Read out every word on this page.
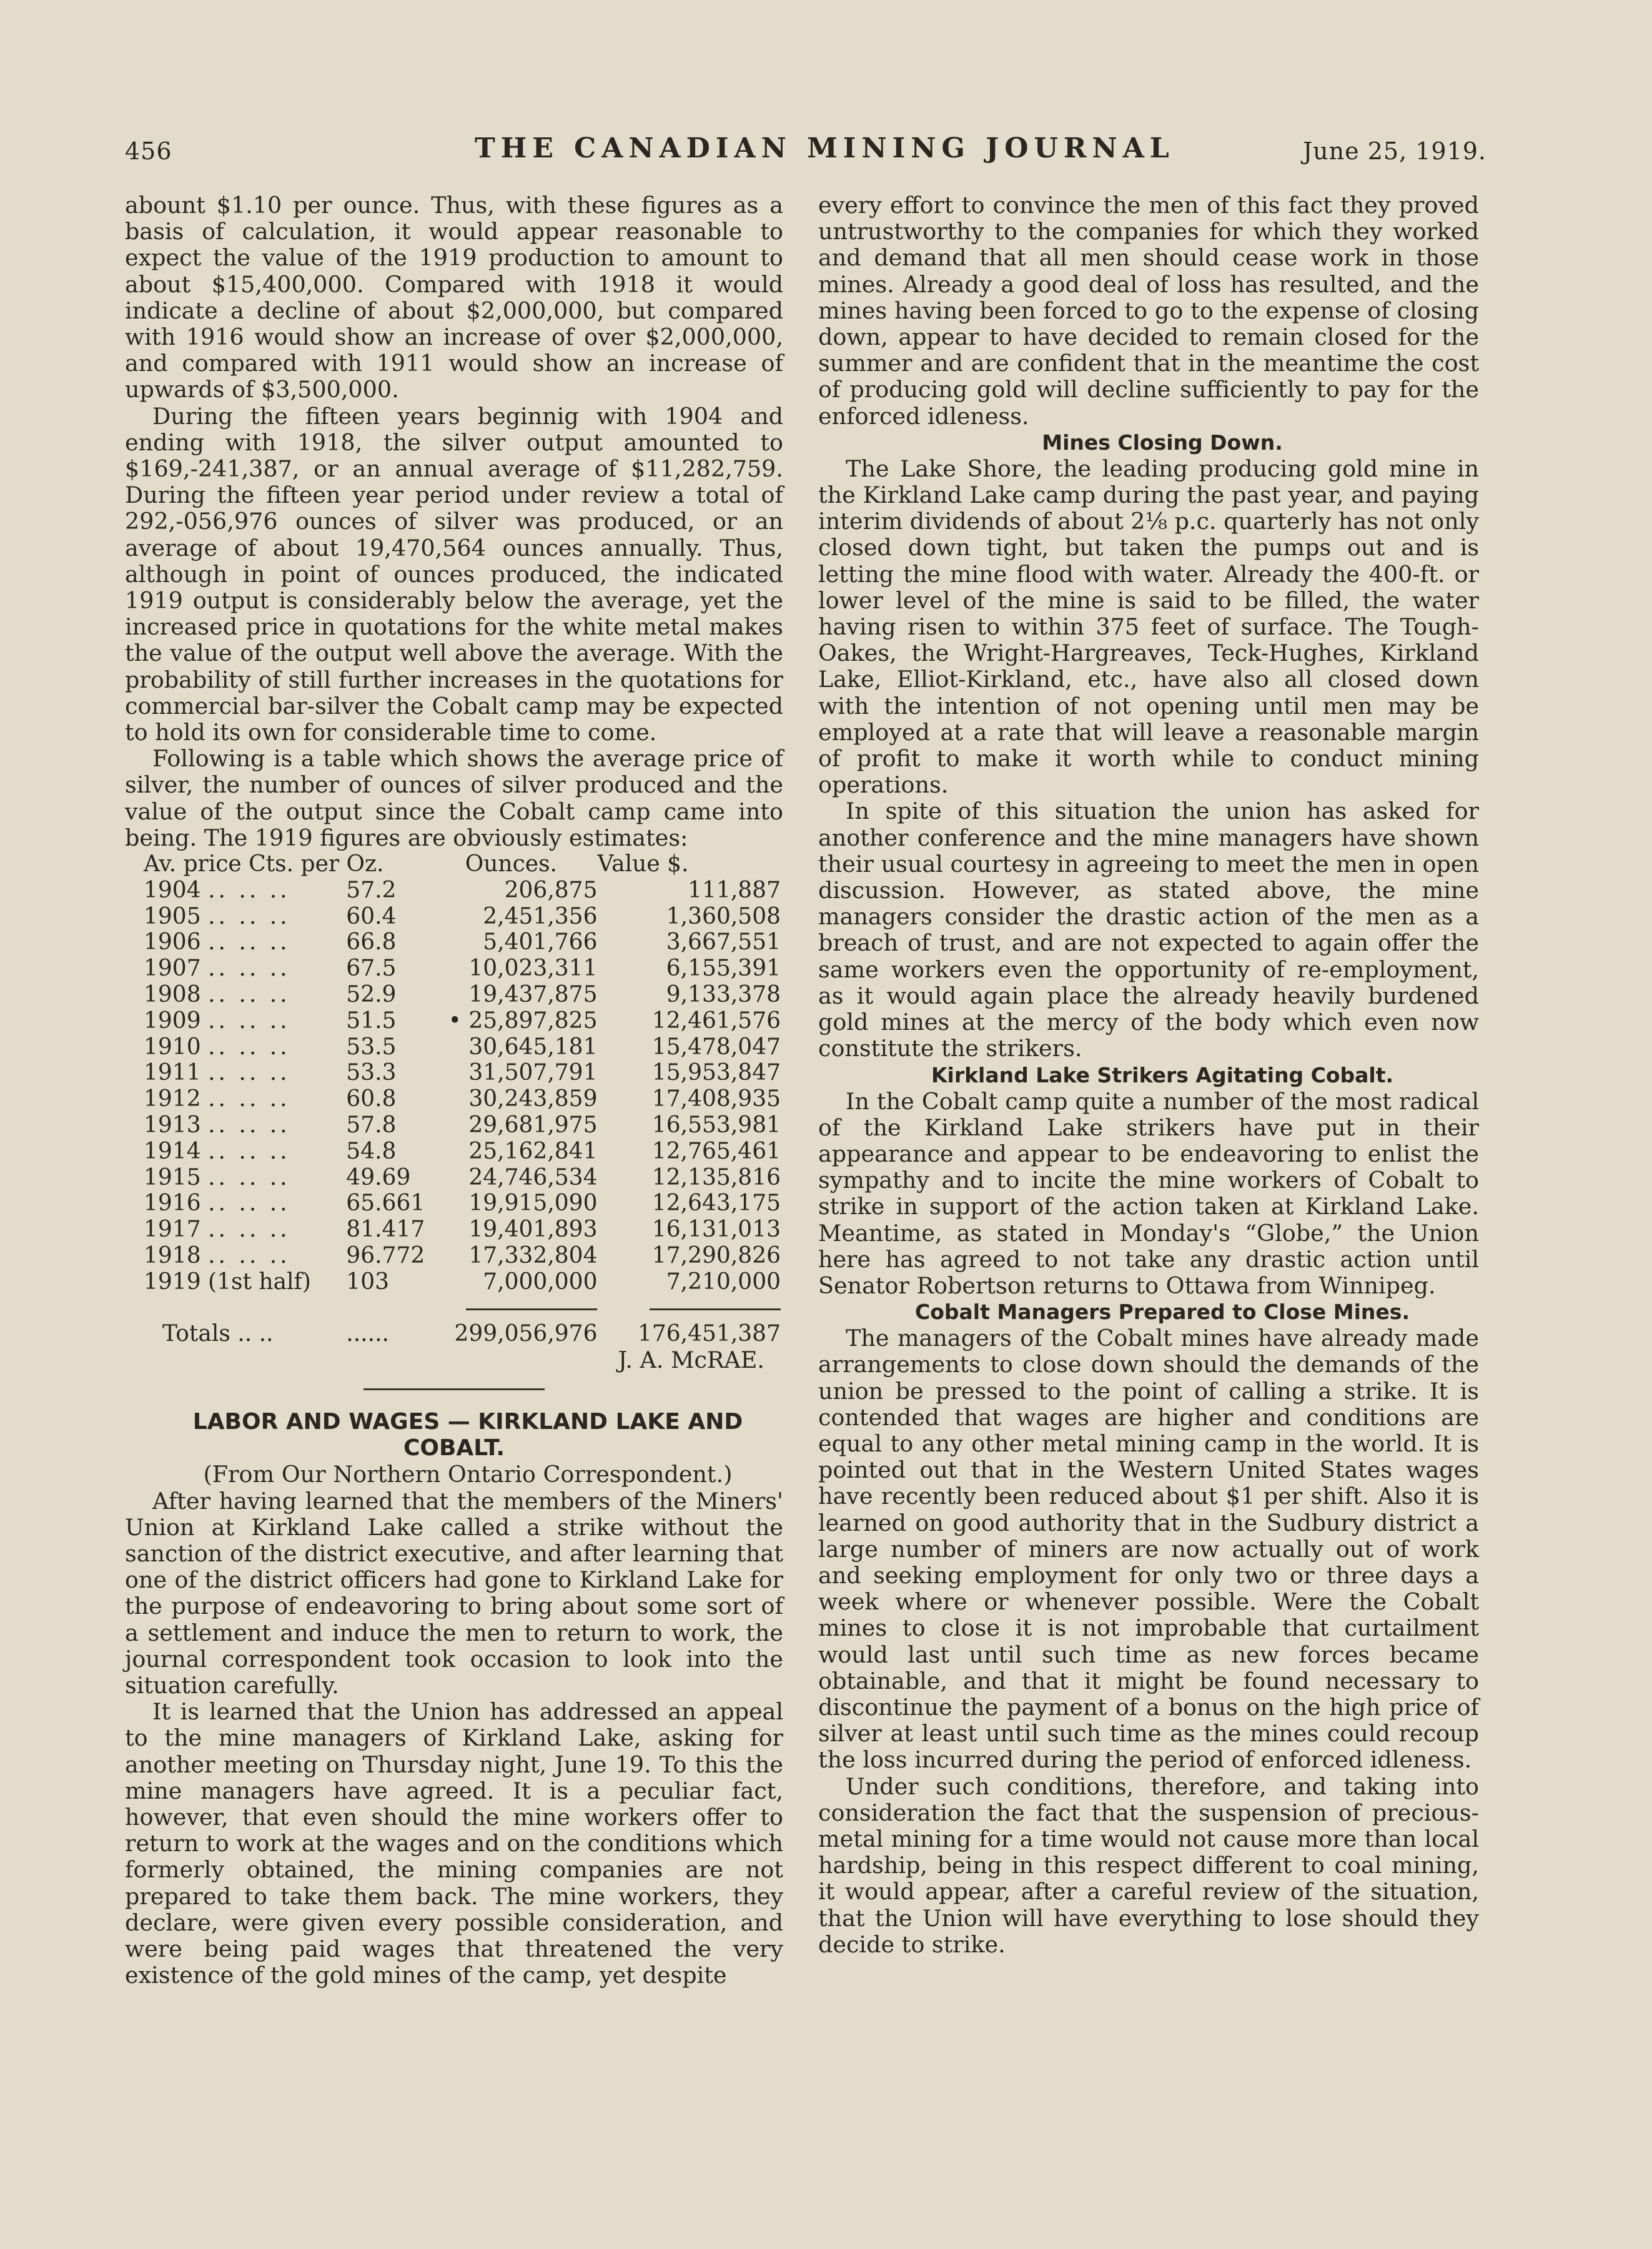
456	THE CANADIAN MINING JOURNAL	June 25, 1919.

abount $1.10 per ounce. Thus, with these figures as a basis of calculation, it would appear reasonable to expect the value of the 1919 production to amount to about $15,400,000. Compared with 1918 it would indicate a decline of about $2,000,000, but compared with 1916 would show an increase of over $2,000,000, and compared with 1911 would show an increase of upwards of $3,500,000.

During the fifteen years beginnig with 1904 and ending with 1918, the silver output amounted to $169,-241,387, or an annual average of $11,282,759. During the fifteen year period under review a total of 292,-056,976 ounces of silver was produced, or an average of about 19,470,564 ounces annually. Thus, although in point of ounces produced, the indicated 1919 output is considerably below the average, yet the increased price in quotations for the white metal makes the value of the output well above the average. With the probability of still further increases in the quotations for commercial bar-silver the Cobalt camp may be expected to hold its own for considerable time to come.

Following is a table which shows the average price of silver, the number of ounces of silver produced and the value of the output since the Cobalt camp came into being. The 1919 figures are obviously estimates:

Av. price Cts. per Oz.		Ounces.	Value $.
1904 .. .. ..	57.2	206,875	111,887
1905 .. .. ..	60.4	2,451,356	1,360,508
1906 .. .. ..	66.8	5,401,766	3,667,551
1907 .. .. ..	67.5	10,023,311	6,155,391
1908 .. .. ..	52.9	19,437,875	9,133,378
1909 .. .. ..	51.5	• 25,897,825	12,461,576
1910 .. .. ..	53.5	30,645,181	15,478,047
1911 .. .. ..	53.3	31,507,791	15,953,847
1912 .. .. ..	60.8	30,243,859	17,408,935
1913 .. .. ..	57.8	29,681,975	16,553,981
1914 .. .. ..	54.8	25,162,841	12,765,461
1915 .. .. ..	49.69	24,746,534	12,135,816
1916 .. .. ..	65.661	19,915,090	12,643,175
1917 .. .. ..	81.417	19,401,893	16,131,013
1918 .. .. ..	96.772	17,332,804	17,290,826
1919 (1st half)	103	7,000,000	7,210,000

Totals .. ..	......	299,056,976	176,451,387

J. A. McRAE.

LABOR AND WAGES — KIRKLAND LAKE AND COBALT.

(From Our Northern Ontario Correspondent.)

After having learned that the members of the Miners' Union at Kirkland Lake called a strike without the sanction of the district executive, and after learning that one of the district officers had gone to Kirkland Lake for the purpose of endeavoring to bring about some sort of a settlement and induce the men to return to work, the journal correspondent took occasion to look into the situation carefully.

It is learned that the Union has addressed an appeal to the mine managers of Kirkland Lake, asking for another meeting on Thursday night, June 19. To this the mine managers have agreed. It is a peculiar fact, however, that even should the mine workers offer to return to work at the wages and on the conditions which formerly obtained, the mining companies are not prepared to take them back. The mine workers, they declare, were given every possible consideration, and were being paid wages that threatened the very existence of the gold mines of the camp, yet despite

every effort to convince the men of this fact they proved untrustworthy to the companies for which they worked and demand that all men should cease work in those mines. Already a good deal of loss has resulted, and the mines having been forced to go to the expense of closing down, appear to have decided to remain closed for the summer and are confident that in the meantime the cost of producing gold will decline sufficiently to pay for the enforced idleness.

Mines Closing Down.

The Lake Shore, the leading producing gold mine in the Kirkland Lake camp during the past year, and paying interim dividends of about 2⅛ p.c. quarterly has not only closed down tight, but taken the pumps out and is letting the mine flood with water. Already the 400-ft. or lower level of the mine is said to be filled, the water having risen to within 375 feet of surface. The Tough-Oakes, the Wright-Hargreaves, Teck-Hughes, Kirkland Lake, Elliot-Kirkland, etc., have also all closed down with the intention of not opening until men may be employed at a rate that will leave a reasonable margin of profit to make it worth while to conduct mining operations.

In spite of this situation the union has asked for another conference and the mine managers have shown their usual courtesy in agreeing to meet the men in open discussion. However, as stated above, the mine managers consider the drastic action of the men as a breach of trust, and are not expected to again offer the same workers even the opportunity of re-employment, as it would again place the already heavily burdened gold mines at the mercy of the body which even now constitute the strikers.

Kirkland Lake Strikers Agitating Cobalt.

In the Cobalt camp quite a number of the most radical of the Kirkland Lake strikers have put in their appearance and appear to be endeavoring to enlist the sympathy and to incite the mine workers of Cobalt to strike in support of the action taken at Kirkland Lake. Meantime, as stated in Monday's “Globe,” the Union here has agreed to not take any drastic action until Senator Robertson returns to Ottawa from Winnipeg.

Cobalt Managers Prepared to Close Mines.

The managers of the Cobalt mines have already made arrangements to close down should the demands of the union be pressed to the point of calling a strike. It is contended that wages are higher and conditions are equal to any other metal mining camp in the world. It is pointed out that in the Western United States wages have recently been reduced about $1 per shift. Also it is learned on good authority that in the Sudbury district a large number of miners are now actually out of work and seeking employment for only two or three days a week where or whenever possible. Were the Cobalt mines to close it is not improbable that curtailment would last until such time as new forces became obtainable, and that it might be found necessary to discontinue the payment of a bonus on the high price of silver at least until such time as the mines could recoup the loss incurred during the period of enforced idleness.

Under such conditions, therefore, and taking into consideration the fact that the suspension of precious-metal mining for a time would not cause more than local hardship, being in this respect different to coal mining, it would appear, after a careful review of the situation, that the Union will have everything to lose should they decide to strike.
